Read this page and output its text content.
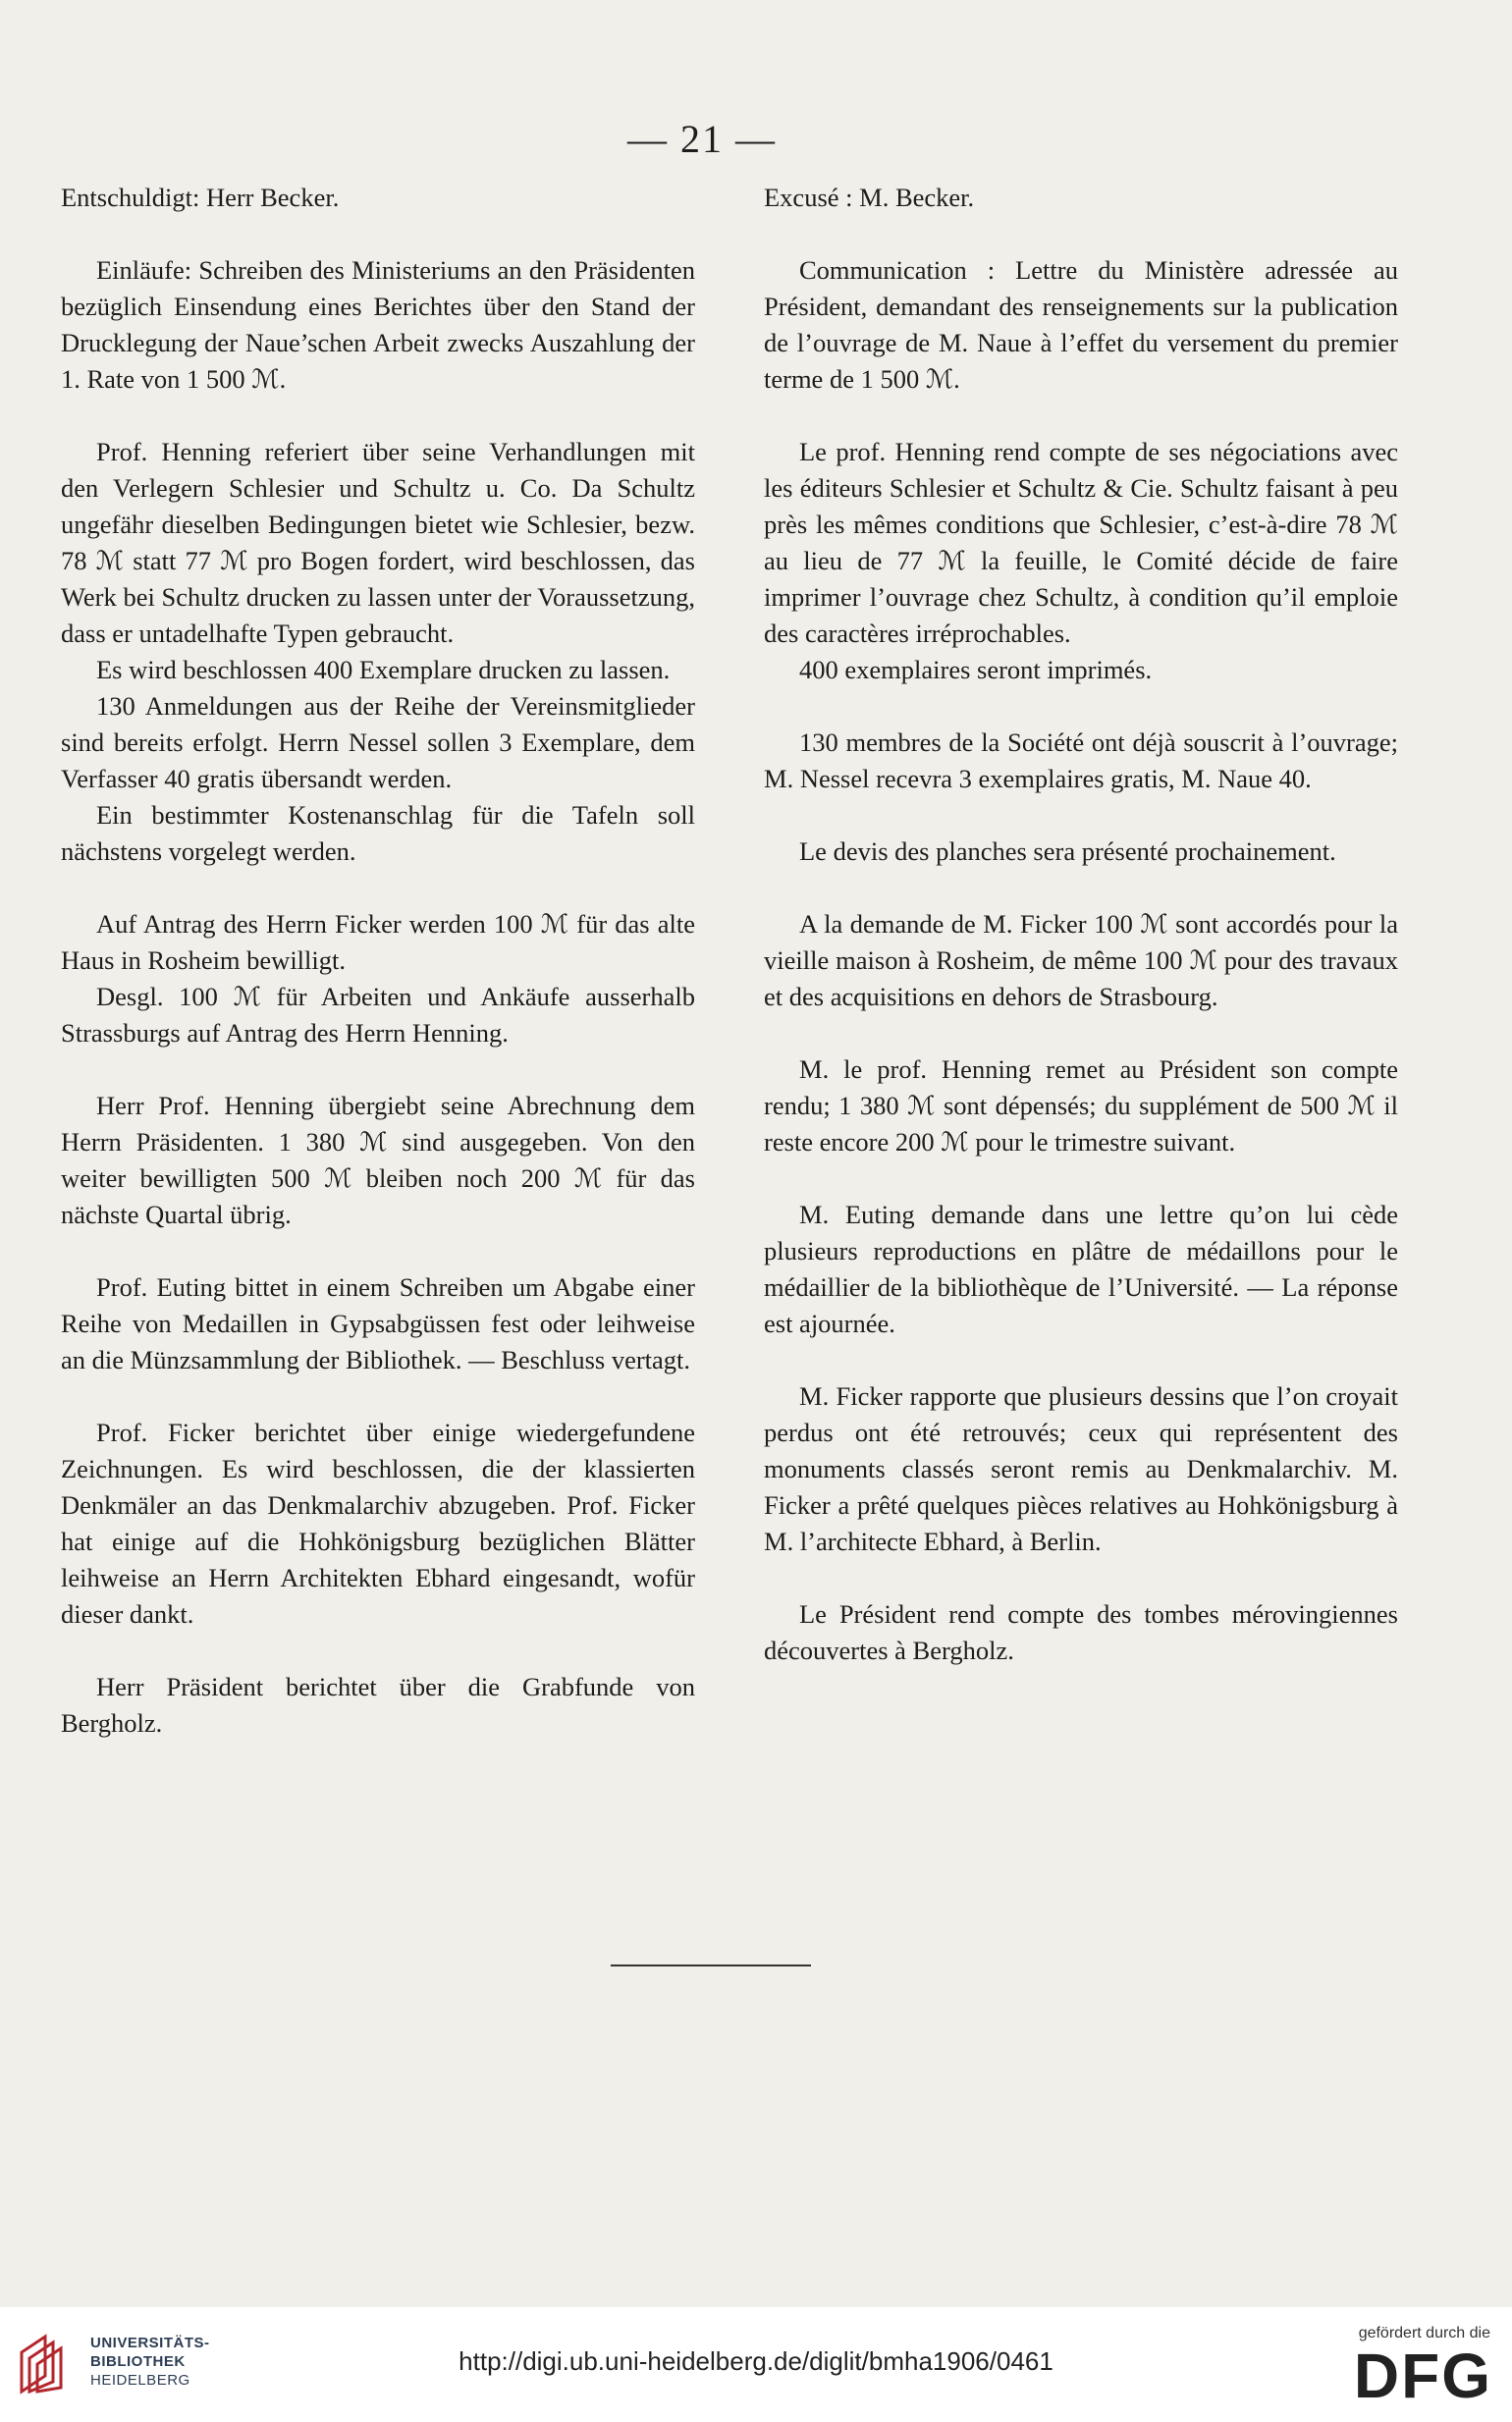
— 21 —

Entschuldigt: Herr Becker.

Einläufe: Schreiben des Ministeriums an den Präsidenten bezüglich Einsendung eines Berichtes über den Stand der Drucklegung der Naue’schen Arbeit zwecks Auszahlung der 1. Rate von 1 500 ℳ.

Prof. Henning referiert über seine Verhandlungen mit den Verlegern Schlesier und Schultz u. Co. Da Schultz ungefähr dieselben Bedingungen bietet wie Schlesier, bezw. 78 ℳ statt 77 ℳ pro Bogen fordert, wird beschlossen, das Werk bei Schultz drucken zu lassen unter der Voraussetzung, dass er untadelhafte Typen gebraucht.

Es wird beschlossen 400 Exemplare drucken zu lassen.

130 Anmeldungen aus der Reihe der Vereinsmitglieder sind bereits erfolgt. Herrn Nessel sollen 3 Exemplare, dem Verfasser 40 gratis übersandt werden.

Ein bestimmter Kostenanschlag für die Tafeln soll nächstens vorgelegt werden.

Auf Antrag des Herrn Ficker werden 100 ℳ für das alte Haus in Rosheim bewilligt.

Desgl. 100 ℳ für Arbeiten und Ankäufe ausserhalb Strassburgs auf Antrag des Herrn Henning.

Herr Prof. Henning übergiebt seine Abrechnung dem Herrn Präsidenten. 1 380 ℳ sind ausgegeben. Von den weiter bewilligten 500 ℳ bleiben noch 200 ℳ für das nächste Quartal übrig.

Prof. Euting bittet in einem Schreiben um Abgabe einer Reihe von Medaillen in Gypsabgüssen fest oder leihweise an die Münzsammlung der Bibliothek. — Beschluss vertagt.

Prof. Ficker berichtet über einige wiedergefundene Zeichnungen. Es wird beschlossen, die der klassierten Denkmäler an das Denkmalarchiv abzugeben. Prof. Ficker hat einige auf die Hohkönigsburg bezüglichen Blätter leihweise an Herrn Architekten Ebhard eingesandt, wofür dieser dankt.

Herr Präsident berichtet über die Grabfunde von Bergholz.

Excusé : M. Becker.

Communication : Lettre du Ministère adressée au Président, demandant des renseignements sur la publication de l’ouvrage de M. Naue à l’effet du versement du premier terme de 1 500 ℳ.

Le prof. Henning rend compte de ses négociations avec les éditeurs Schlesier et Schultz & Cie. Schultz faisant à peu près les mêmes conditions que Schlesier, c’est-à-dire 78 ℳ au lieu de 77 ℳ la feuille, le Comité décide de faire imprimer l’ouvrage chez Schultz, à condition qu’il emploie des caractères irréprochables.

400 exemplaires seront imprimés.

130 membres de la Société ont déjà souscrit à l’ouvrage; M. Nessel recevra 3 exemplaires gratis, M. Naue 40.

Le devis des planches sera présenté prochainement.

A la demande de M. Ficker 100 ℳ sont accordés pour la vieille maison à Rosheim, de même 100 ℳ pour des travaux et des acquisitions en dehors de Strasbourg.

M. le prof. Henning remet au Président son compte rendu; 1 380 ℳ sont dépensés; du supplément de 500 ℳ il reste encore 200 ℳ pour le trimestre suivant.

M. Euting demande dans une lettre qu’on lui cède plusieurs reproductions en plâtre de médaillons pour le médaillier de la bibliothèque de l’Université. — La réponse est ajournée.

M. Ficker rapporte que plusieurs dessins que l’on croyait perdus ont été retrouvés; ceux qui représentent des monuments classés seront remis au Denkmalarchiv. M. Ficker a prêté quelques pièces relatives au Hohkönigsburg à M. l’architecte Ebhard, à Berlin.

Le Président rend compte des tombes mérovingiennes découvertes à Bergholz.

UNIVERSITÄTS-
BIBLIOTHEK
HEIDELBERG
http://digi.ub.uni-heidelberg.de/diglit/bmha1906/0461
gefördert durch die
DFG
